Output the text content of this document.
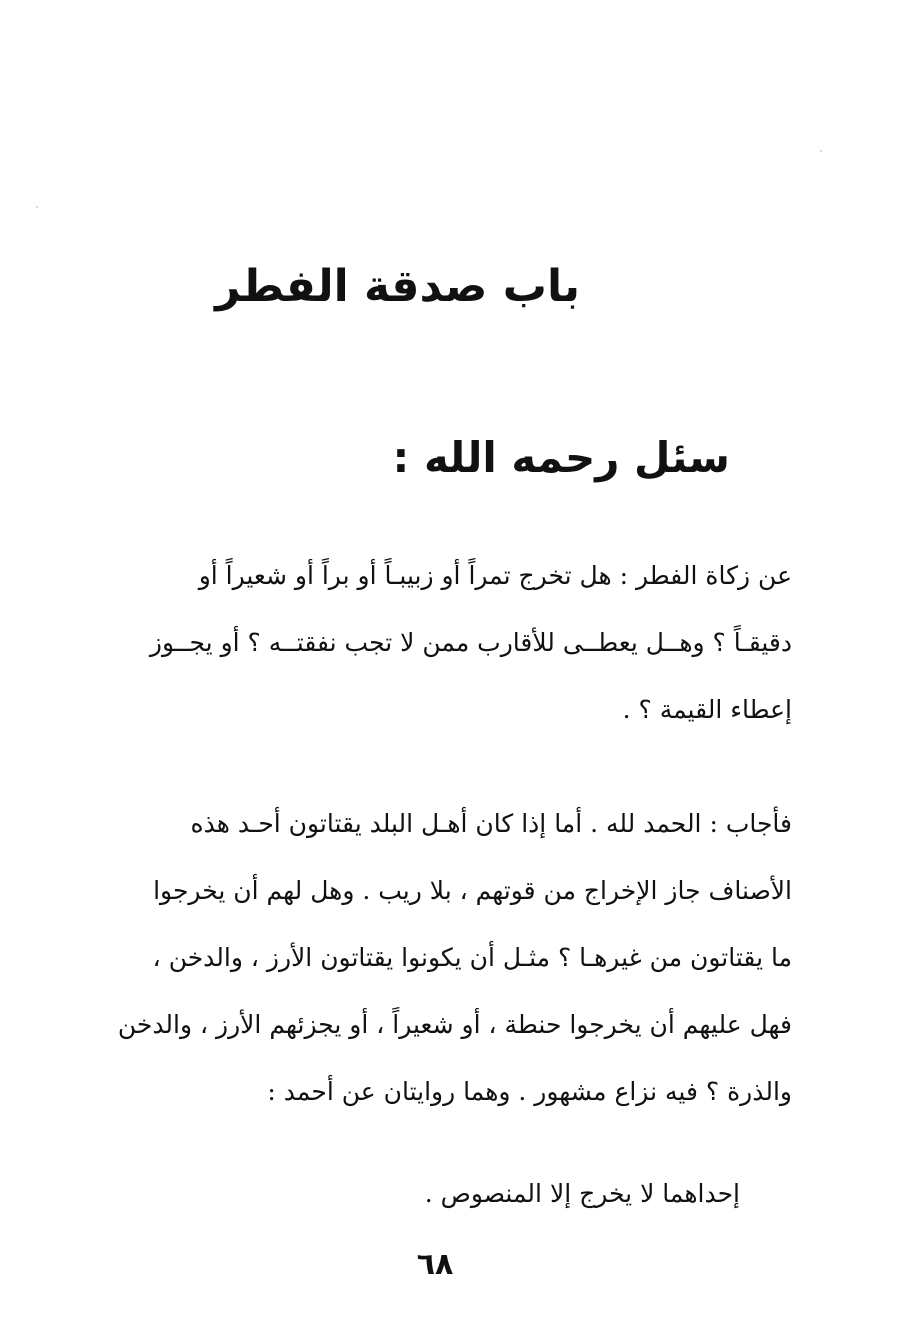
باب صدقة الفطر
سئل رحمه الله :
عن زكاة الفطر : هل تخرج تمراً أو زبيبـاً أو براً أو شعيراً أو
دقيقـاً ؟ وهــل يعطــى للأقارب ممن لا تجب نفقتــه ؟ أو يجــوز
إعطاء القيمة ؟ .
فأجاب : الحمد لله . أما إذا كان أهـل البلد يقتاتون أحـد هذه
الأصناف جاز الإخراج من قوتهم ، بلا ريب . وهل لهم أن يخرجوا
ما يقتاتون من غيرهـا ؟ مثـل أن يكونوا يقتاتون الأرز ، والدخن ،
فهل عليهم أن يخرجوا حنطة ، أو شعيراً ، أو يجزئهم الأرز ، والدخن
والذرة ؟ فيه نزاع مشهور . وهما روايتان عن أحمد :
إحداهما لا يخرج إلا المنصوص .
٦٨
